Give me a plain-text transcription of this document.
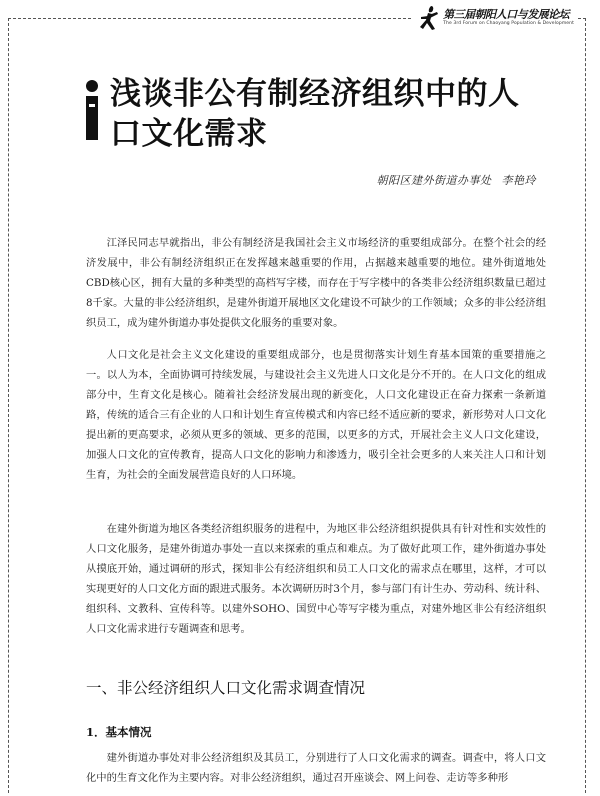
第三届朝阳人口与发展论坛
The 3rd Forum on Chaoyang Population & Development
浅谈非公有制经济组织中的人口文化需求
朝阳区建外街道办事处 李艳玲

江泽民同志早就指出，非公有制经济是我国社会主义市场经济的重要组成部分。在整个社会的经济发展中，非公有制经济组织正在发挥越来越重要的作用，占据越来越重要的地位。建外街道地处CBD核心区，拥有大量的多种类型的高档写字楼，而存在于写字楼中的各类非公经济组织数量已超过8千家。大量的非公经济组织，是建外街道开展地区文化建设不可缺少的工作领域；众多的非公经济组织员工，成为建外街道办事处提供文化服务的重要对象。

人口文化是社会主义文化建设的重要组成部分，也是贯彻落实计划生育基本国策的重要措施之一。以人为本，全面协调可持续发展，与建设社会主义先进人口文化是分不开的。在人口文化的组成部分中，生育文化是核心。随着社会经济发展出现的新变化，人口文化建设正在奋力探索一条新道路，传统的适合三有企业的人口和计划生育宣传模式和内容已经不适应新的要求，新形势对人口文化提出新的更高要求，必须从更多的领域、更多的范围，以更多的方式，开展社会主义人口文化建设，加强人口文化的宣传教育，提高人口文化的影响力和渗透力，吸引全社会更多的人来关注人口和计划生育，为社会的全面发展营造良好的人口环境。

在建外街道为地区各类经济组织服务的进程中，为地区非公经济组织提供具有针对性和实效性的人口文化服务，是建外街道办事处一直以来探索的重点和难点。为了做好此项工作，建外街道办事处从摸底开始，通过调研的形式，探知非公有经济组织和员工人口文化的需求点在哪里，这样，才可以实现更好的人口文化方面的跟进式服务。本次调研历时3个月，参与部门有计生办、劳动科、统计科、组织科、文教科、宣传科等。以建外SOHO、国贸中心等写字楼为重点，对建外地区非公有经济组织人口文化需求进行专题调查和思考。

一、非公经济组织人口文化需求调查情况
1．基本情况

建外街道办事处对非公经济组织及其员工，分别进行了人口文化需求的调查。调查中，将人口文化中的生育文化作为主要内容。对非公经济组织，通过召开座谈会、网上问卷、走访等多种形
